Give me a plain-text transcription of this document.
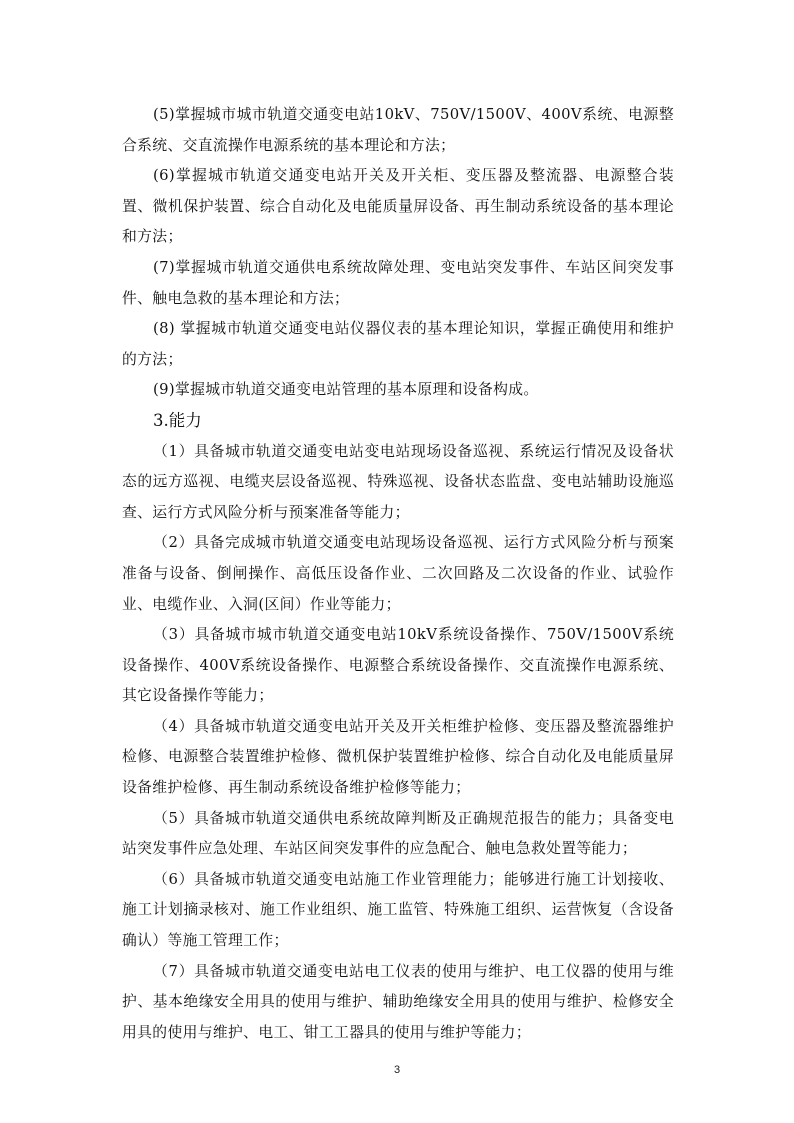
(5)掌握城市城市轨道交通变电站10kV、750V/1500V、400V系统、电源整合系统、交直流操作电源系统的基本理论和方法；

(6)掌握城市轨道交通变电站开关及开关柜、变压器及整流器、电源整合装置、微机保护装置、综合自动化及电能质量屏设备、再生制动系统设备的基本理论和方法；

(7)掌握城市轨道交通供电系统故障处理、变电站突发事件、车站区间突发事件、触电急救的基本理论和方法；

(8) 掌握城市轨道交通变电站仪器仪表的基本理论知识，掌握正确使用和维护的方法；

(9)掌握城市轨道交通变电站管理的基本原理和设备构成。

3.能力

（1）具备城市轨道交通变电站变电站现场设备巡视、系统运行情况及设备状态的远方巡视、电缆夹层设备巡视、特殊巡视、设备状态监盘、变电站辅助设施巡查、运行方式风险分析与预案准备等能力；

（2）具备完成城市轨道交通变电站现场设备巡视、运行方式风险分析与预案准备与设备、倒闸操作、高低压设备作业、二次回路及二次设备的作业、试验作业、电缆作业、入洞(区间）作业等能力；

（3）具备城市城市轨道交通变电站10kV系统设备操作、750V/1500V系统设备操作、400V系统设备操作、电源整合系统设备操作、交直流操作电源系统、其它设备操作等能力；

（4）具备城市轨道交通变电站开关及开关柜维护检修、变压器及整流器维护检修、电源整合装置维护检修、微机保护装置维护检修、综合自动化及电能质量屏设备维护检修、再生制动系统设备维护检修等能力；

（5）具备城市轨道交通供电系统故障判断及正确规范报告的能力；具备变电站突发事件应急处理、车站区间突发事件的应急配合、触电急救处置等能力；

（6）具备城市轨道交通变电站施工作业管理能力；能够进行施工计划接收、施工计划摘录核对、施工作业组织、施工监管、特殊施工组织、运营恢复（含设备确认）等施工管理工作；

（7）具备城市轨道交通变电站电工仪表的使用与维护、电工仪器的使用与维护、基本绝缘安全用具的使用与维护、辅助绝缘安全用具的使用与维护、检修安全用具的使用与维护、电工、钳工工器具的使用与维护等能力；

3
